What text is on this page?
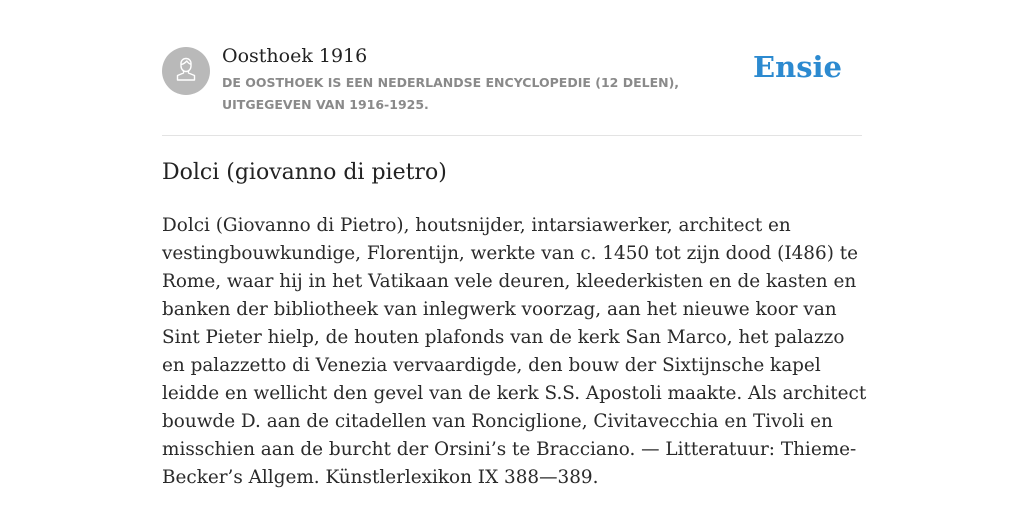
Oosthoek 1916
DE OOSTHOEK IS EEN NEDERLANDSE ENCYCLOPEDIE (12 DELEN), UITGEGEVEN VAN 1916-1925.
Ensie
Dolci (giovanno di pietro)

Dolci (Giovanno di Pietro), houtsnijder, intarsiawerker, architect en vestingbouwkundige, Florentijn, werkte van c. 1450 tot zijn dood (I486) te Rome, waar hij in het Vatikaan vele deuren, kleederkisten en de kasten en banken der bibliotheek van inlegwerk voorzag, aan het nieuwe koor van Sint Pieter hielp, de houten plafonds van de kerk San Marco, het palazzo en palazzetto di Venezia vervaardigde, den bouw der Sixtijnsche kapel leidde en wellicht den gevel van de kerk S.S. Apostoli maakte. Als architect bouwde D. aan de citadellen van Ronciglione, Civitavecchia en Tivoli en misschien aan de burcht der Orsini’s te Bracciano. — Litteratuur: Thieme-Becker’s Allgem. Künstlerlexikon IX 388—389.
